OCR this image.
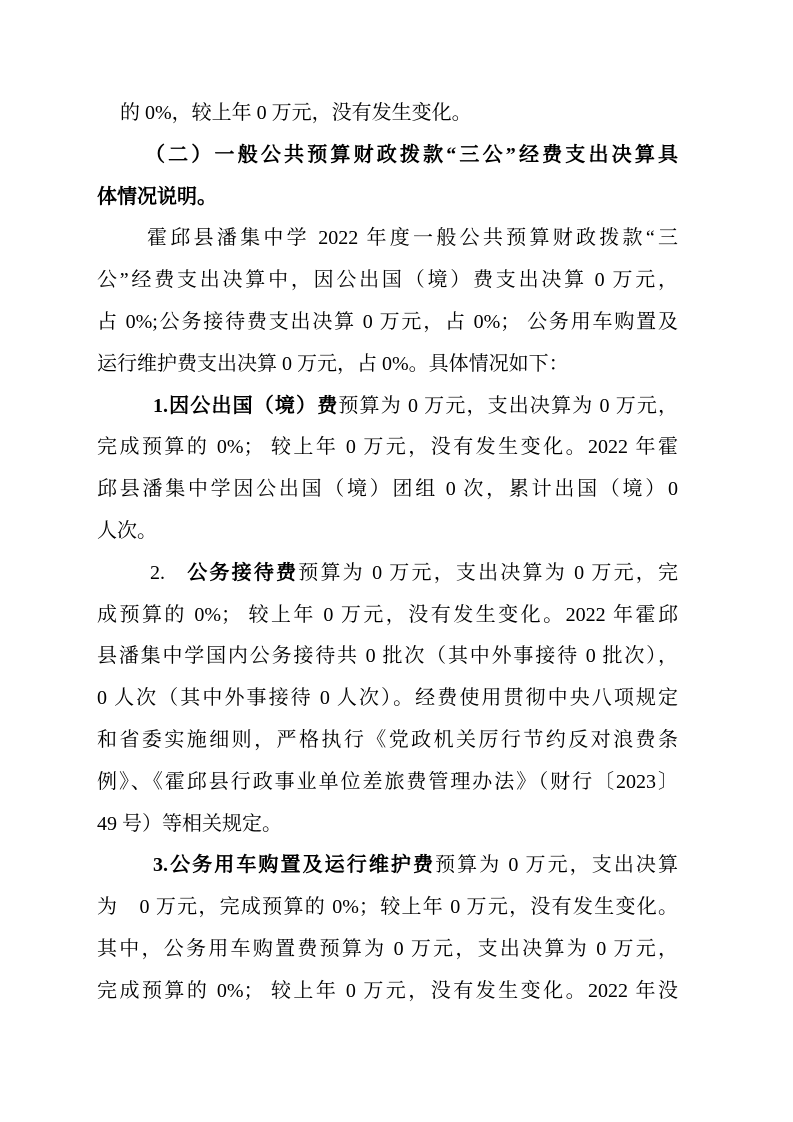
的 0%，较上年 0 万元，没有发生变化。
（二）一般公共预算财政拨款“三公”经费支出决算具
体情况说明。
霍邱县潘集中学 2022 年度一般公共预算财政拨款“三
公”经费支出决算中，因公出国（境）费支出决算 0 万元，
占 0%;公务接待费支出决算 0 万元，占 0%； 公务用车购置及
运行维护费支出决算 0 万元，占 0%。具体情况如下：
1.因公出国（境）费预算为 0 万元，支出决算为 0 万元，
完成预算的 0%； 较上年 0 万元，没有发生变化。2022 年霍
邱县潘集中学因公出国（境）团组 0 次，累计出国（境）0
人次。
2. 公务接待费预算为 0 万元，支出决算为 0 万元，完
成预算的 0%； 较上年 0 万元，没有发生变化。2022 年霍邱
县潘集中学国内公务接待共 0 批次（其中外事接待 0 批次），
0 人次（其中外事接待 0 人次）。经费使用贯彻中央八项规定
和省委实施细则，严格执行《党政机关厉行节约反对浪费条
例》、《霍邱县行政事业单位差旅费管理办法》（财行〔2023〕
49 号）等相关规定。
3.公务用车购置及运行维护费预算为 0 万元，支出决算
为　0 万元，完成预算的 0%；较上年 0 万元，没有发生变化。
其中，公务用车购置费预算为 0 万元，支出决算为 0 万元，
完成预算的 0%； 较上年 0 万元，没有发生变化。2022 年没
